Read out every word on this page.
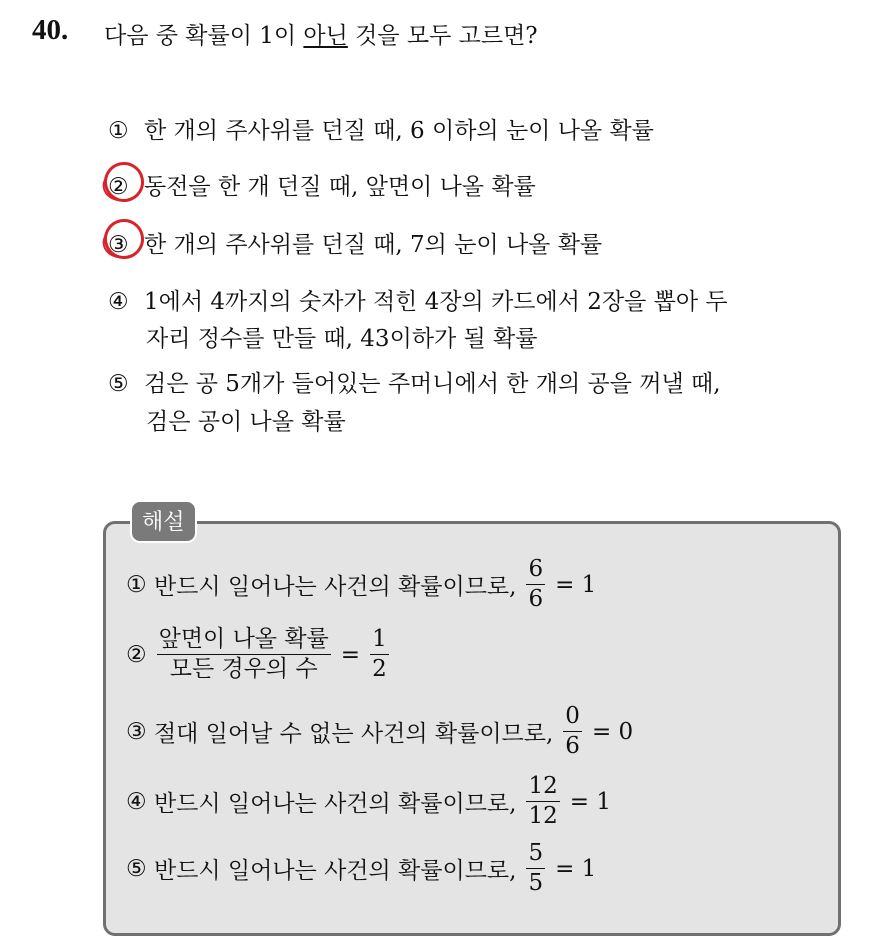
40. 다음 중 확률이 1이 아닌 것을 모두 고르면?
① 한 개의 주사위를 던질 때, 6 이하의 눈이 나올 확률
② 동전을 한 개 던질 때, 앞면이 나올 확률
③ 한 개의 주사위를 던질 때, 7의 눈이 나올 확률
④ 1에서 4까지의 숫자가 적힌 4장의 카드에서 2장을 뽑아 두
자리 정수를 만들 때, 43이하가 될 확률
⑤ 검은 공 5개가 들어있는 주머니에서 한 개의 공을 꺼낼 때,
검은 공이 나올 확률
해설
①
반드시 일어나는 사건의 확률이므로, $\frac{6}{6} = 1$
② $\frac{\text{앞면이 나올 확률}}{\text{모든 경우의 수}} = \frac{1}{2}$
③
절대 일어날 수 없는 사건의 확률이므로, $\frac{0}{6} = 0$
④
반드시 일어나는 사건의 확률이므로, $\frac{12}{12} = 1$
⑤
반드시 일어나는 사건의 확률이므로, $\frac{5}{5} = 1$
